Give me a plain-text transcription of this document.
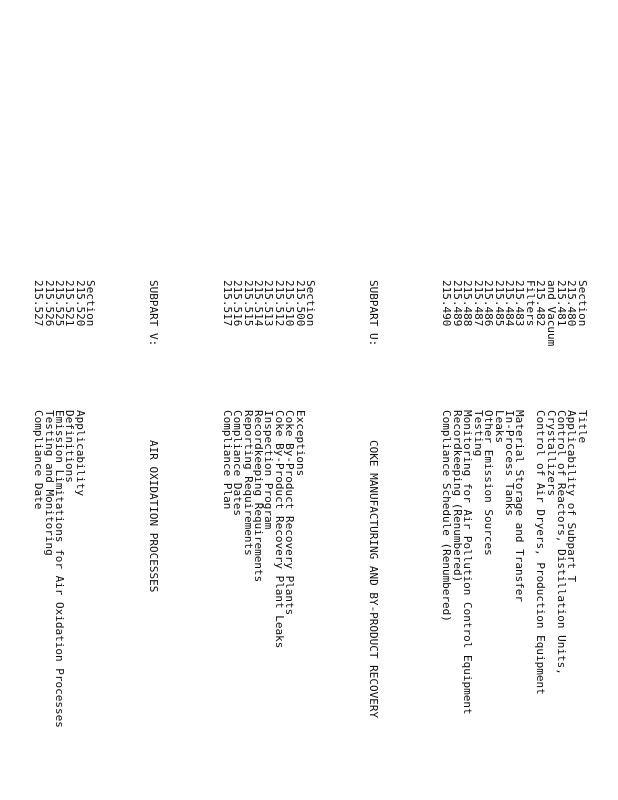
Section
Title
215.480
Applicability of Subpart T
215.481
Control of Reactors, Distillation Units,
and Vacuum
Crystallizers
215.482
Control of Air Dryers, Production Equipment
Filters
215.483
Material Storage and Transfer
215.484
In-Process Tanks
215.485
Leaks
215.486
Other Emission Sources
215.487
Testing
215.488
Monitoring for Air Pollution Control Equipment
215.489
Recordkeeping (Renumbered)
215.490
Compliance Schedule (Renumbered)

SUBPART U:
COKE MANUFACTURING AND BY-PRODUCT RECOVERY

Section
215.500
Exceptions
215.510
Coke By-Product Recovery Plants
215.512
Coke By-Product Recovery Plant Leaks
215.513
Inspection Program
215.514
Recordkeeping Requirements
215.515
Reporting Requirements
215.516
Compliance Dates
215.517
Compliance Plan

SUBPART V:
AIR OXIDATION PROCESSES

Section
215.520
Applicability
215.521
Definitions
215.525
Emission Limitations for Air Oxidation Processes
215.526
Testing and Monitoring
215.527
Compliance Date
